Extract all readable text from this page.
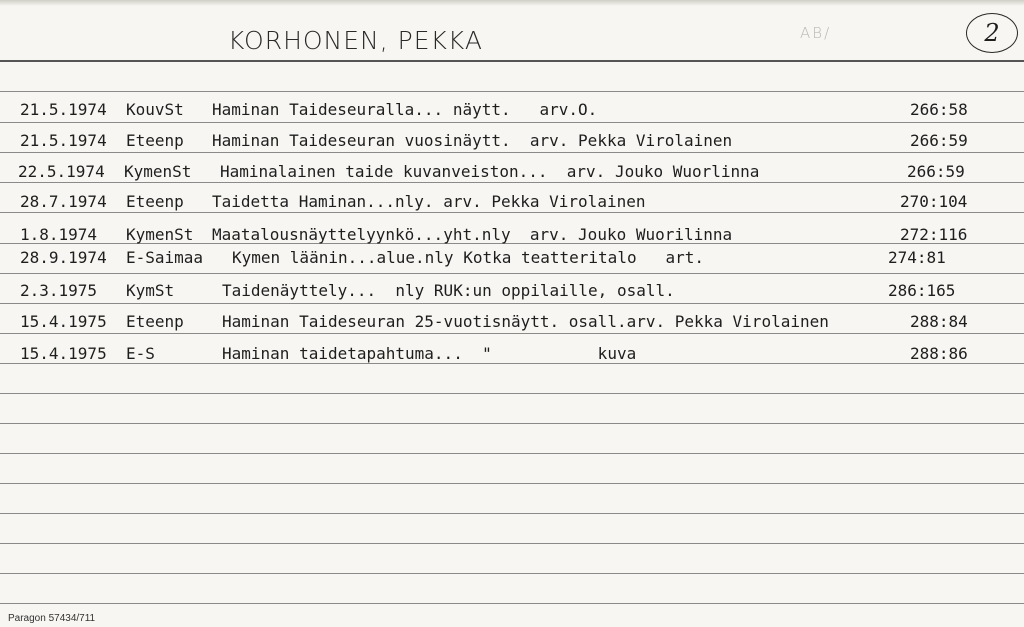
KORHONEN, PEKKA	AB/	2
21.5.1974 KouvSt Haminan Taideseuralla... näytt.   arv.O.	266:58
21.5.1974 Eteenp Haminan Taideseuran vuosinäytt.  arv. Pekka Virolainen	266:59
22.5.1974 KymenSt Haminalainen taide kuvanveiston...  arv. Jouko Wuorlinna	266:59
28.7.1974 Eteenp Taidetta Haminan...nly. arv. Pekka Virolainen	270:104
1.8.1974 KymenSt Maatalousnäyttelyynkö...yht.nly  arv. Jouko Wuorilinna	272:116
28.9.1974 E-Saimaa Kymen läänin...alue.nly Kotka teatteritalo   art.	274:81
2.3.1975 KymSt	Taidenäyttely...  nly RUK:un oppilaille, osall.	286:165
15.4.1975 Eteenp Haminan Taideseuran 25-vuotisnäytt. osall.arv. Pekka Virolainen	288:84
15.4.1975 E-S	Haminan taidetapahtuma...  "           kuva	288:86
Paragon 57434/711
